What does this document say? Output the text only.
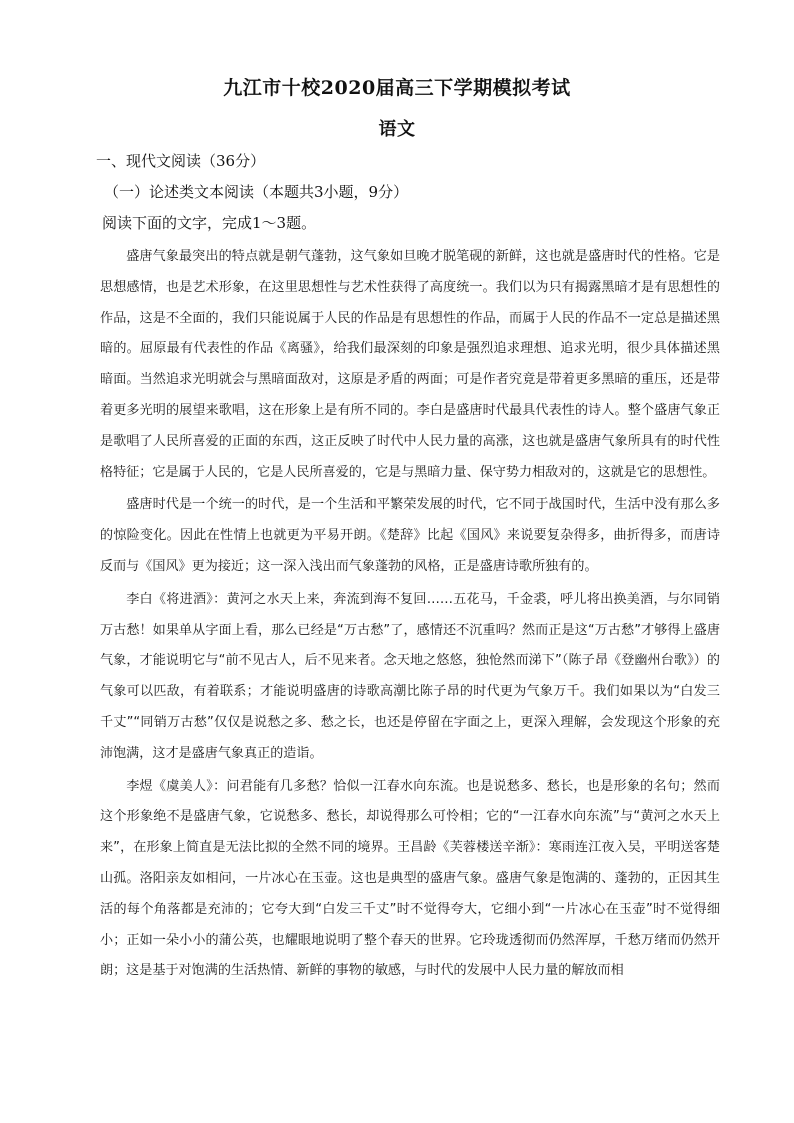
九江市十校2020届高三下学期模拟考试
语文
一、现代文阅读（36分）
（一）论述类文本阅读（本题共3小题，9分）
阅读下面的文字，完成1～3题。

盛唐气象最突出的特点就是朝气蓬勃，这气象如旦晚才脱笔砚的新鲜，这也就是盛唐时代的性格。它是思想感情，也是艺术形象，在这里思想性与艺术性获得了高度统一。我们以为只有揭露黑暗才是有思想性的作品，这是不全面的，我们只能说属于人民的作品是有思想性的作品，而属于人民的作品不一定总是描述黑暗的。屈原最有代表性的作品《离骚》，给我们最深刻的印象是强烈追求理想、追求光明，很少具体描述黑暗面。当然追求光明就会与黑暗面敌对，这原是矛盾的两面；可是作者究竟是带着更多黑暗的重压，还是带着更多光明的展望来歌唱，这在形象上是有所不同的。李白是盛唐时代最具代表性的诗人。整个盛唐气象正是歌唱了人民所喜爱的正面的东西，这正反映了时代中人民力量的高涨，这也就是盛唐气象所具有的时代性格特征；它是属于人民的，它是人民所喜爱的，它是与黑暗力量、保守势力相敌对的，这就是它的思想性。

盛唐时代是一个统一的时代，是一个生活和平繁荣发展的时代，它不同于战国时代，生活中没有那么多的惊险变化。因此在性情上也就更为平易开朗。《楚辞》比起《国风》来说要复杂得多，曲折得多，而唐诗反而与《国风》更为接近；这一深入浅出而气象蓬勃的风格，正是盛唐诗歌所独有的。

李白《将进酒》：黄河之水天上来，奔流到海不复回……五花马，千金裘，呼儿将出换美酒，与尔同销万古愁！如果单从字面上看，那么已经是“万古愁”了，感情还不沉重吗？然而正是这“万古愁”才够得上盛唐气象，才能说明它与“前不见古人，后不见来者。念天地之悠悠，独怆然而涕下”（陈子昂《登幽州台歌》）的气象可以匹敌，有着联系；才能说明盛唐的诗歌高潮比陈子昂的时代更为气象万千。我们如果以为“白发三千丈”“同销万古愁”仅仅是说愁之多、愁之长，也还是停留在字面之上，更深入理解，会发现这个形象的充沛饱满，这才是盛唐气象真正的造诣。

李煜《虞美人》：问君能有几多愁？恰似一江春水向东流。也是说愁多、愁长，也是形象的名句；然而这个形象绝不是盛唐气象，它说愁多、愁长，却说得那么可怜相；它的“一江春水向东流”与“黄河之水天上来”，在形象上简直是无法比拟的全然不同的境界。王昌龄《芙蓉楼送辛渐》：寒雨连江夜入吴，平明送客楚山孤。洛阳亲友如相问，一片冰心在玉壶。这也是典型的盛唐气象。盛唐气象是饱满的、蓬勃的，正因其生活的每个角落都是充沛的；它夸大到“白发三千丈”时不觉得夸大，它细小到“一片冰心在玉壶”时不觉得细小；正如一朵小小的蒲公英，也耀眼地说明了整个春天的世界。它玲珑透彻而仍然浑厚，千愁万绪而仍然开朗；这是基于对饱满的生活热情、新鲜的事物的敏感，与时代的发展中人民力量的解放而相
